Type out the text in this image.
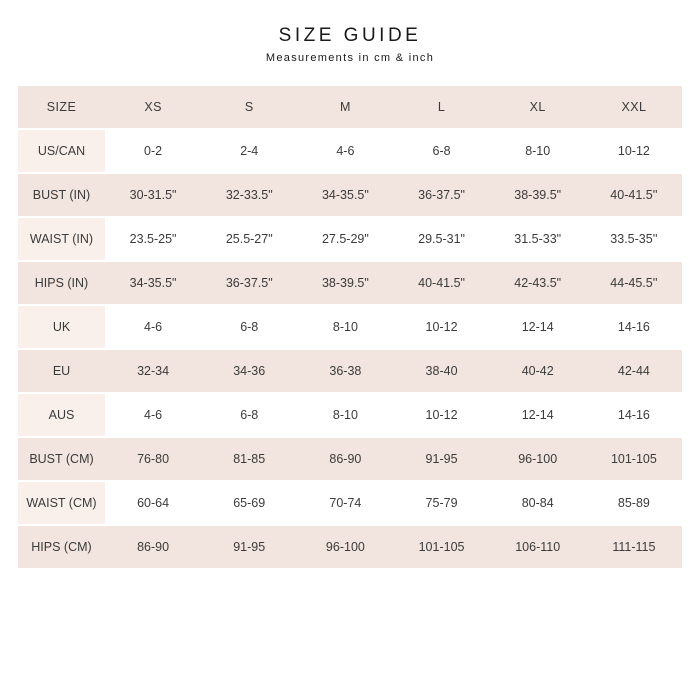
SIZE GUIDE

Measurements in cm & inch

SIZE	XS	S	M	L	XL	XXL
US/CAN	0-2	2-4	4-6	6-8	8-10	10-12
BUST (IN)	30-31.5"	32-33.5"	34-35.5"	36-37.5"	38-39.5"	40-41.5''
WAIST (IN)	23.5-25"	25.5-27"	27.5-29"	29.5-31"	31.5-33"	33.5-35''
HIPS (IN)	34-35.5"	36-37.5"	38-39.5"	40-41.5"	42-43.5"	44-45.5''
UK	4-6	6-8	8-10	10-12	12-14	14-16
EU	32-34	34-36	36-38	38-40	40-42	42-44
AUS	4-6	6-8	8-10	10-12	12-14	14-16
BUST (CM)	76-80	81-85	86-90	91-95	96-100	101-105
WAIST (CM)	60-64	65-69	70-74	75-79	80-84	85-89
HIPS (CM)	86-90	91-95	96-100	101-105	106-110	111-115
